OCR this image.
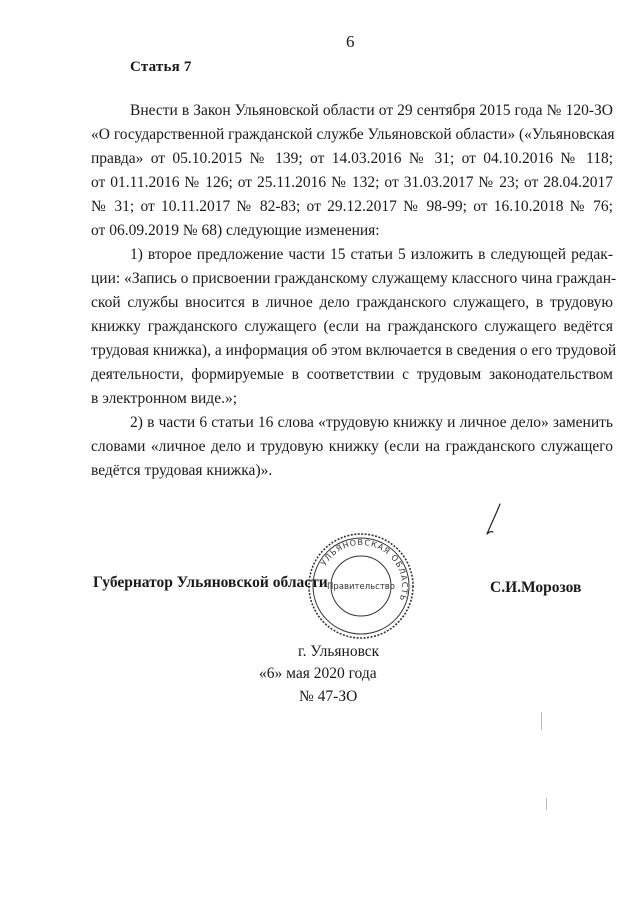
6
Статья 7
Внести в Закон Ульяновской области от 29 сентября 2015 года № 120-ЗО
«О государственной гражданской службе Ульяновской области» («Ульяновская
правда» от 05.10.2015 № 139; от 14.03.2016 № 31; от 04.10.2016 № 118;
от 01.11.2016 № 126; от 25.11.2016 № 132; от 31.03.2017 № 23; от 28.04.2017
№ 31; от 10.11.2017 № 82-83; от 29.12.2017 № 98-99; от 16.10.2018 № 76;
от 06.09.2019 № 68) следующие изменения:
1) второе предложение части 15 статьи 5 изложить в следующей редак-
ции: «Запись о присвоении гражданскому служащему классного чина граждан-
ской службы вносится в личное дело гражданского служащего, в трудовую
книжку гражданского служащего (если на гражданского служащего ведётся
трудовая книжка), а информация об этом включается в сведения о его трудовой
деятельности, формируемые в соответствии с трудовым законодательством
в электронном виде.»;
2) в части 6 статьи 16 слова «трудовую книжку и личное дело» заменить
словами «личное дело и трудовую книжку (если на гражданского служащего
ведётся трудовая книжка)».
Губернатор Ульяновской области
УЛЬЯНОВСКАЯ ОБЛАСТЬ
Правительство	С.И.Морозов
г. Ульяновск
«6» мая 2020 года
№ 47-ЗО
